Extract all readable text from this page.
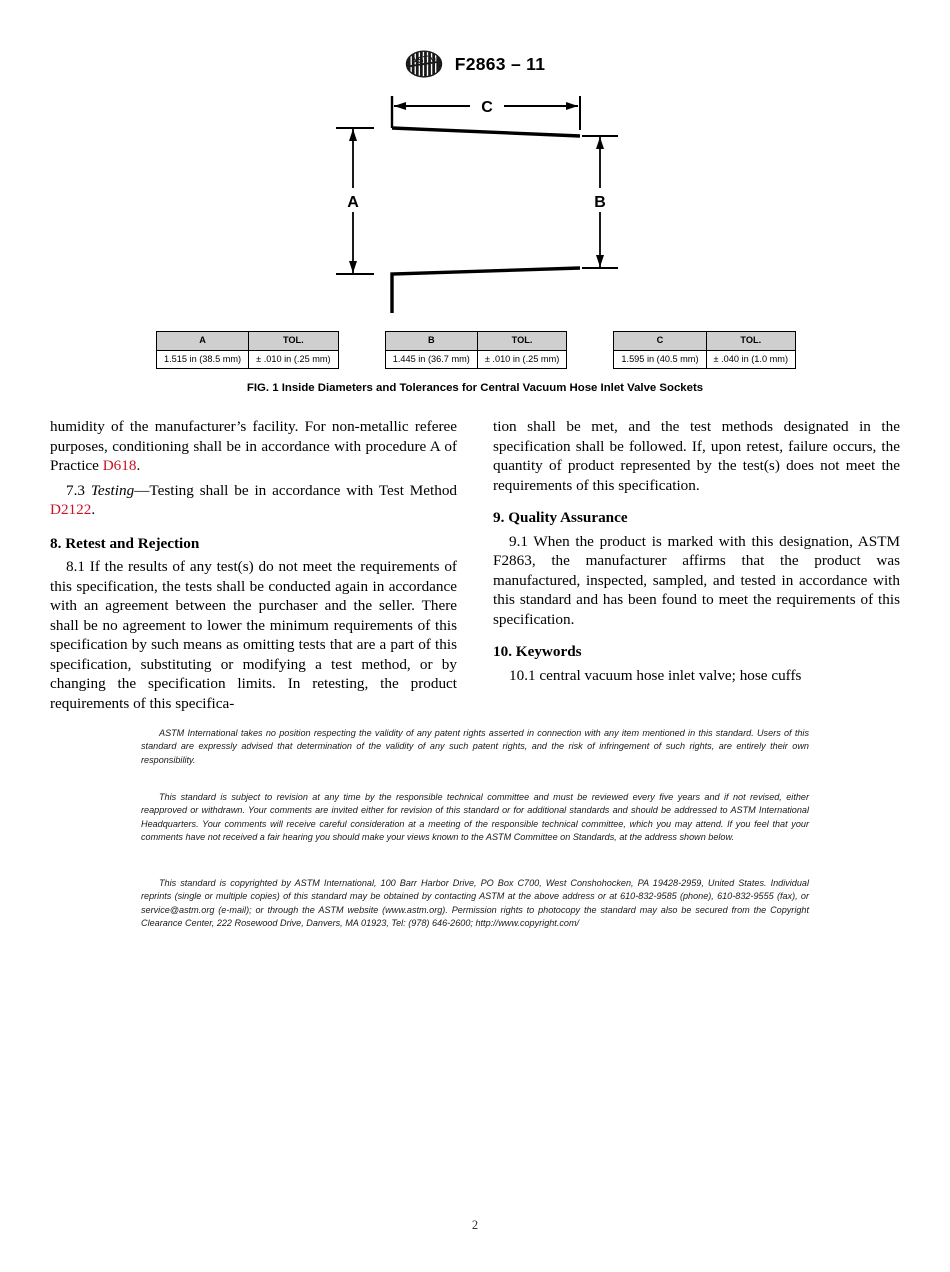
ASTM F2863 – 11
C
A	B
A	TOL.
1.515 in (38.5 mm)	± .010 in (.25 mm)
B	TOL.
1.445 in (36.7 mm)	± .010 in (.25 mm)
C	TOL.
1.595 in (40.5 mm)	± .040 in (1.0 mm)
FIG. 1 Inside Diameters and Tolerances for Central Vacuum Hose Inlet Valve Sockets

humidity of the manufacturer’s facility. For non-metallic referee purposes, conditioning shall be in accordance with procedure A of Practice D618.

7.3 Testing—Testing shall be in accordance with Test Method D2122.

8. Retest and Rejection

8.1 If the results of any test(s) do not meet the requirements of this specification, the tests shall be conducted again in accordance with an agreement between the purchaser and the seller. There shall be no agreement to lower the minimum requirements of this specification by such means as omitting tests that are a part of this specification, substituting or modifying a test method, or by changing the specification limits. In retesting, the product requirements of this specifica-

tion shall be met, and the test methods designated in the specification shall be followed. If, upon retest, failure occurs, the quantity of product represented by the test(s) does not meet the requirements of this specification.

9. Quality Assurance

9.1 When the product is marked with this designation, ASTM F2863, the manufacturer affirms that the product was manufactured, inspected, sampled, and tested in accordance with this standard and has been found to meet the requirements of this specification.

10. Keywords

10.1 central vacuum hose inlet valve; hose cuffs

ASTM International takes no position respecting the validity of any patent rights asserted in connection with any item mentioned in this standard. Users of this standard are expressly advised that determination of the validity of any such patent rights, and the risk of infringement of such rights, are entirely their own responsibility.
This standard is subject to revision at any time by the responsible technical committee and must be reviewed every five years and if not revised, either reapproved or withdrawn. Your comments are invited either for revision of this standard or for additional standards and should be addressed to ASTM International Headquarters. Your comments will receive careful consideration at a meeting of the responsible technical committee, which you may attend. If you feel that your comments have not received a fair hearing you should make your views known to the ASTM Committee on Standards, at the address shown below.
This standard is copyrighted by ASTM International, 100 Barr Harbor Drive, PO Box C700, West Conshohocken, PA 19428-2959, United States. Individual reprints (single or multiple copies) of this standard may be obtained by contacting ASTM at the above address or at 610-832-9585 (phone), 610-832-9555 (fax), or service@astm.org (e-mail); or through the ASTM website (www.astm.org). Permission rights to photocopy the standard may also be secured from the Copyright Clearance Center, 222 Rosewood Drive, Danvers, MA 01923, Tel: (978) 646-2600; http://www.copyright.com/
2
